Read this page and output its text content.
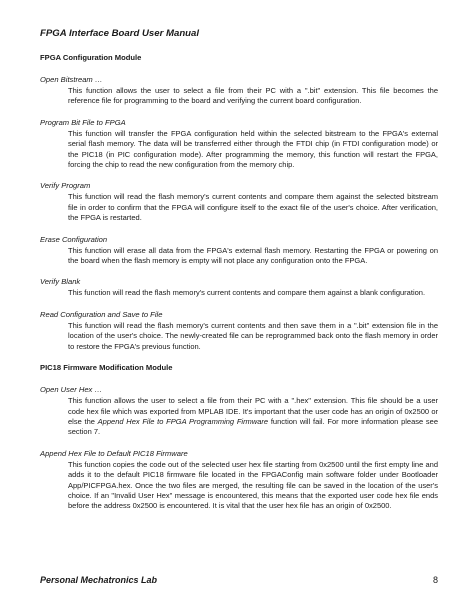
FPGA Interface Board User Manual
FPGA Configuration Module
Open Bitstream …
This function allows the user to select a file from their PC with a ".bit" extension. This file becomes the reference file for programming to the board and verifying the current board configuration.
Program Bit File to FPGA
This function will transfer the FPGA configuration held within the selected bitstream to the FPGA's external serial flash memory. The data will be transferred either through the FTDI chip (in FTDI configuration mode) or the PIC18 (in PIC configuration mode). After programming the memory, this function will restart the FPGA, forcing the chip to read the new configuration from the memory chip.
Verify Program
This function will read the flash memory's current contents and compare them against the selected bitstream file in order to confirm that the FPGA will configure itself to the exact file of the user's choice. After verification, the FPGA is restarted.
Erase Configuration
This function will erase all data from the FPGA's external flash memory. Restarting the FPGA or powering on the board when the flash memory is empty will not place any configuration onto the FPGA.
Verify Blank
This function will read the flash memory's current contents and compare them against a blank configuration.
Read Configuration and Save to File
This function will read the flash memory's current contents and then save them in a ".bit" extension file in the location of the user's choice. The newly-created file can be reprogrammed back onto the flash memory in order to restore the FPGA's previous function.
PIC18 Firmware Modification Module
Open User Hex …
This function allows the user to select a file from their PC with a ".hex" extension. This file should be a user code hex file which was exported from MPLAB IDE. It's important that the user code has an origin of 0x2500 or else the Append Hex File to FPGA Programming Firmware function will fail. For more information please see section 7.
Append Hex File to Default PIC18 Firmware
This function copies the code out of the selected user hex file starting from 0x2500 until the first empty line and adds it to the default PIC18 firmware file located in the FPGAConfig main software folder under Bootloader App/PICFPGA.hex. Once the two files are merged, the resulting file can be saved in the location of the user's choice. If an "Invalid User Hex" message is encountered, this means that the exported user code hex file ends before the address 0x2500 is encountered. It is vital that the user hex file has an origin of 0x2500.
Personal Mechatronics Lab	8
